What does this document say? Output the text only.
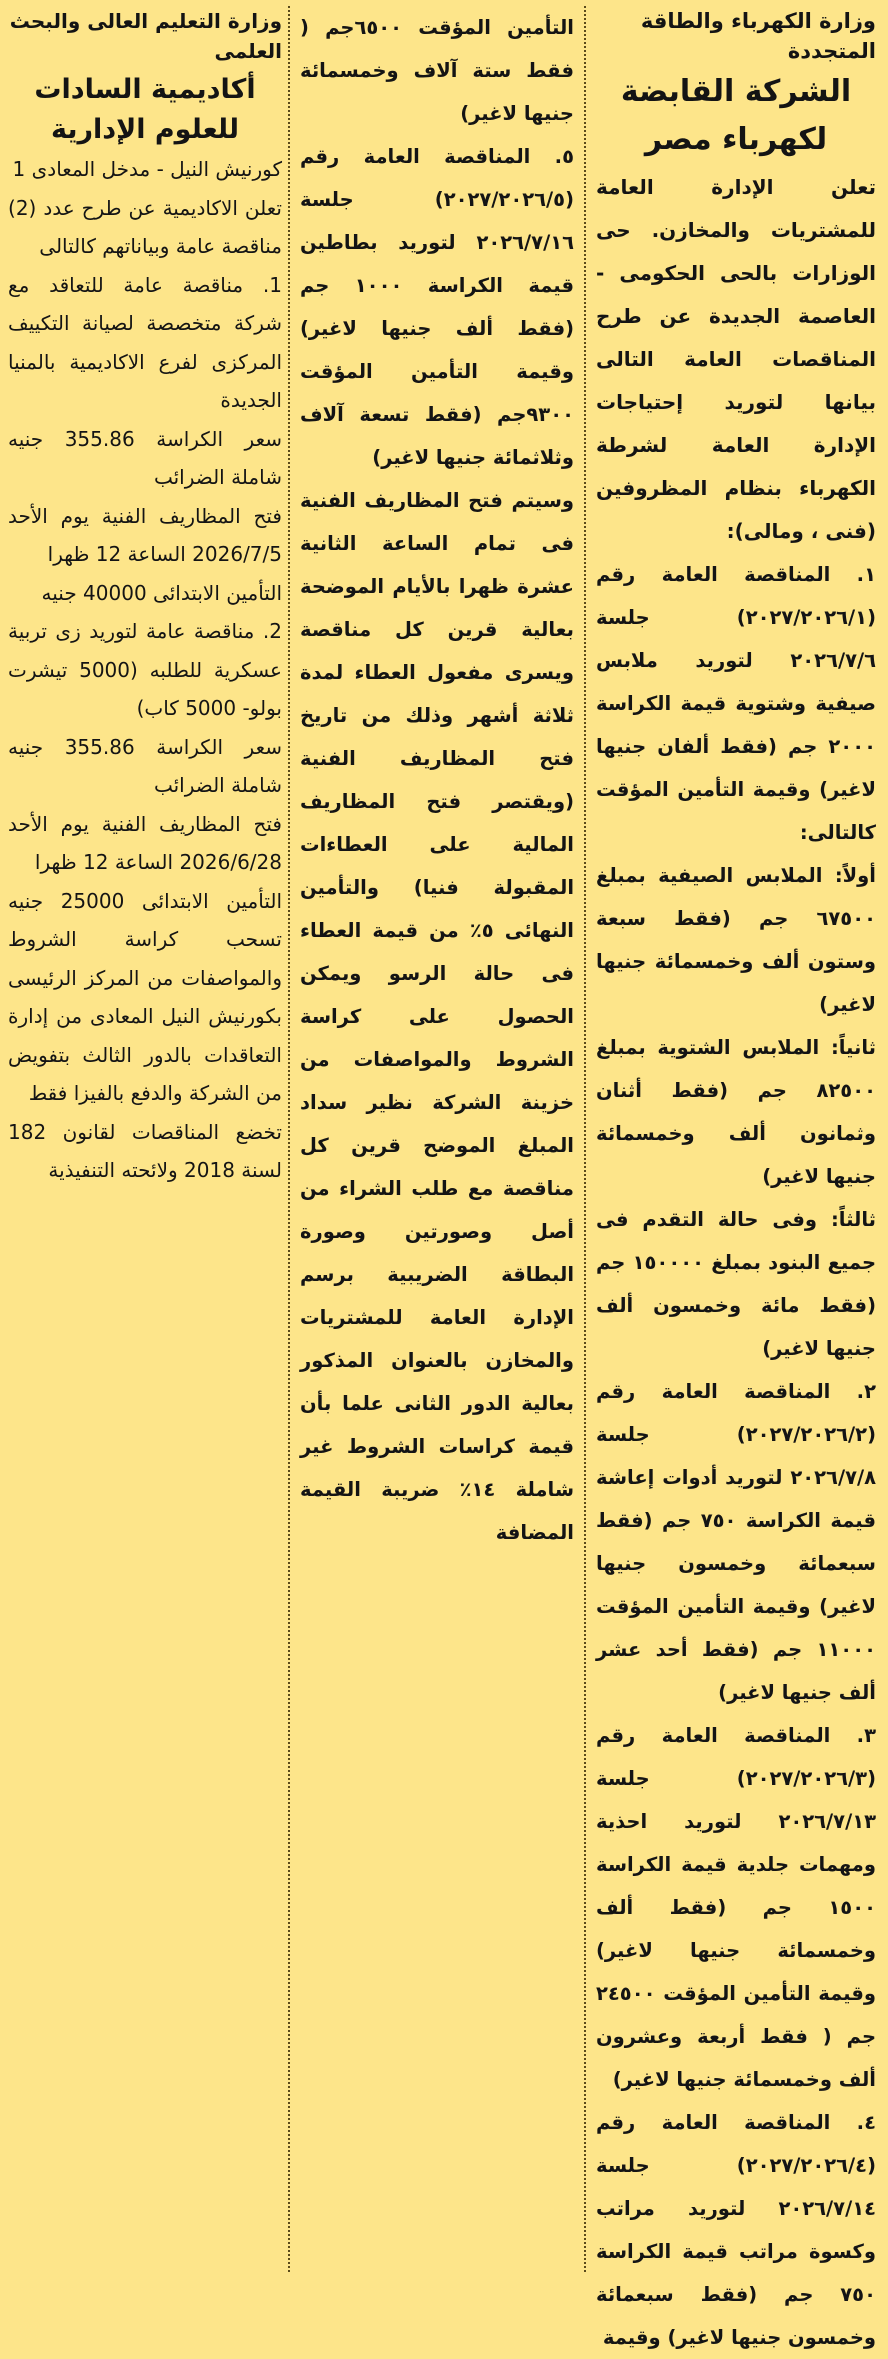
وزارة الكهرباء والطاقة المتجددة
الشركة القابضة
لكهرباء مصر

تعلن الإدارة العامة للمشتريات والمخازن. حى الوزارات بالحى الحكومى - العاصمة الجديدة عن طرح المناقصات العامة التالى بيانها لتوريد إحتياجات الإدارة العامة لشرطة الكهرباء بنظام المظروفين (فنى ، ومالى):

١. المناقصة العامة رقم (٢٠٢٧/٢٠٢٦/١) جلسة ٢٠٢٦/٧/٦ لتوريد ملابس صيفية وشتوية قيمة الكراسة ٢٠٠٠ جم (فقط ألفان جنيها لاغير) وقيمة التأمين المؤقت كالتالى:

أولاً: الملابس الصيفية بمبلغ ٦٧٥٠٠ جم (فقط سبعة وستون ألف وخمسمائة جنيها لاغير)

ثانياً: الملابس الشتوية بمبلغ ٨٢٥٠٠ جم (فقط أثنان وثمانون ألف وخمسمائة جنيها لاغير)

ثالثاً: وفى حالة التقدم فى جميع البنود بمبلغ ١٥٠٠٠٠ جم (فقط مائة وخمسون ألف جنيها لاغير)

٢. المناقصة العامة رقم (٢٠٢٧/٢٠٢٦/٢) جلسة ٢٠٢٦/٧/٨ لتوريد أدوات إعاشة قيمة الكراسة ٧٥٠ جم (فقط سبعمائة وخمسون جنيها لاغير) وقيمة التأمين المؤقت ١١٠٠٠ جم (فقط أحد عشر ألف جنيها لاغير)

٣. المناقصة العامة رقم (٢٠٢٧/٢٠٢٦/٣) جلسة ٢٠٢٦/٧/١٣ لتوريد احذية ومهمات جلدية قيمة الكراسة ١٥٠٠ جم (فقط ألف وخمسمائة جنيها لاغير) وقيمة التأمين المؤقت ٢٤٥٠٠ جم ( فقط أربعة وعشرون ألف وخمسمائة جنيها لاغير)

٤. المناقصة العامة رقم (٢٠٢٧/٢٠٢٦/٤) جلسة ٢٠٢٦/٧/١٤ لتوريد مراتب وكسوة مراتب قيمة الكراسة ٧٥٠ جم (فقط سبعمائة وخمسون جنيها لاغير) وقيمة

التأمين المؤقت ٦٥٠٠جم ( فقط ستة آلاف وخمسمائة جنيها لاغير)

٥. المناقصة العامة رقم (٢٠٢٧/٢٠٢٦/٥) جلسة ٢٠٢٦/٧/١٦ لتوريد بطاطين قيمة الكراسة ١٠٠٠ جم (فقط ألف جنيها لاغير) وقيمة التأمين المؤقت ٩٣٠٠جم (فقط تسعة آلاف وثلاثمائة جنيها لاغير)

وسيتم فتح المظاريف الفنية فى تمام الساعة الثانية عشرة ظهرا بالأيام الموضحة بعالية قرين كل مناقصة ويسرى مفعول العطاء لمدة ثلاثة أشهر وذلك من تاريخ فتح المظاريف الفنية (ويقتصر فتح المظاريف المالية على العطاءات المقبولة فنيا) والتأمين النهائى ٥٪ من قيمة العطاء فى حالة الرسو ويمكن الحصول على كراسة الشروط والمواصفات من خزينة الشركة نظير سداد المبلغ الموضح قرين كل مناقصة مع طلب الشراء من أصل وصورتين وصورة البطاقة الضريبية برسم الإدارة العامة للمشتريات والمخازن بالعنوان المذكور بعالية الدور الثانى علما بأن قيمة كراسات الشروط غير شاملة ١٤٪ ضريبة القيمة المضافة

وزارة التعليم العالى والبحث العلمى
أكاديمية السادات
للعلوم الإدارية

كورنيش النيل - مدخل المعادى 1

تعلن الاكاديمية عن طرح عدد (2) مناقصة عامة وبياناتهم كالتالى

1. مناقصة عامة للتعاقد مع شركة متخصصة لصيانة التكييف المركزى لفرع الاكاديمية بالمنيا الجديدة

سعر الكراسة 355.86 جنيه شاملة الضرائب

فتح المظاريف الفنية يوم الأحد 2026/7/5 الساعة 12 ظهرا

التأمين الابتدائى 40000 جنيه

2. مناقصة عامة لتوريد زى تربية عسكرية للطلبه (5000 تيشرت بولو- 5000 كاب)

سعر الكراسة 355.86 جنيه شاملة الضرائب

فتح المظاريف الفنية يوم الأحد 2026/6/28 الساعة 12 ظهرا

التأمين الابتدائى 25000 جنيه تسحب كراسة الشروط والمواصفات من المركز الرئيسى بكورنيش النيل المعادى من إدارة التعاقدات بالدور الثالث بتفويض من الشركة والدفع بالفيزا فقط

تخضع المناقصات لقانون 182 لسنة 2018 ولائحته التنفيذية
